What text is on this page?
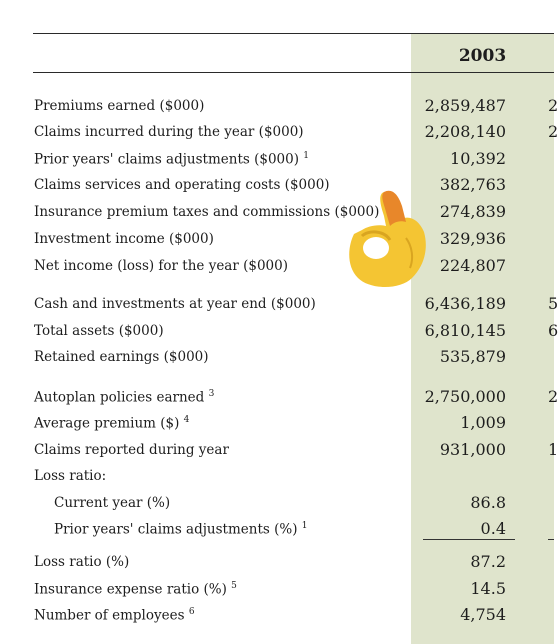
2003
Premiums earned ($000)	2,859,487	2
Claims incurred during the year ($000)	2,208,140	2
Prior years' claims adjustments ($000) $^1$	10,392
Claims services and operating costs ($000)	382,763
Insurance premium taxes and commissions ($000)	274,839
Investment income ($000)	329,936
Net income (loss) for the year ($000)	224,807
Cash and investments at year end ($000)	6,436,189	5
Total assets ($000)	6,810,145	6
Retained earnings ($000)	535,879
Autoplan policies earned $^3$	2,750,000	2
Average premium ($) $^4$	1,009
Claims reported during year	931,000	1
Loss ratio:
Current year (%)	86.8
Prior years' claims adjustments (%) $^1$	0.4
Loss ratio (%)	87.2
Insurance expense ratio (%) $^5$	14.5
Number of employees $^6$	4,754
